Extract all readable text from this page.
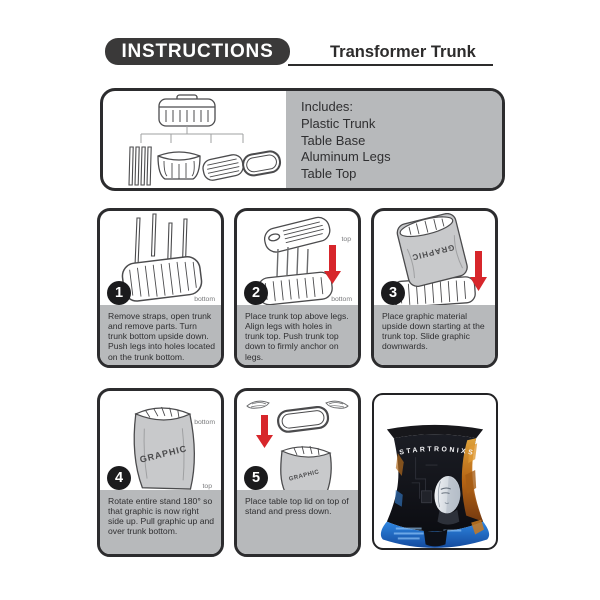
INSTRUCTIONS	Transformer Trunk
Includes:
Plastic Trunk
Table Base
Aluminum Legs
Table Top
bottom
1
Remove straps, open trunk and remove parts. Turn trunk bottom upside down. Push legs into holes located on the trunk bottom.
top
bottom
2
Place trunk top above legs. Align legs with holes in trunk top. Push trunk top down to firmly anchor on legs.
GRAPHIC
3
Place graphic material upside down starting at the trunk top. Slide graphic downwards.
GRAPHIC
bottom
top
4
Rotate entire stand 180° so that graphic is now right side up. Pull graphic up and over trunk bottom.
GRAPHIC
5
Place table top lid on top of stand and press down.
STARTRONIXS
